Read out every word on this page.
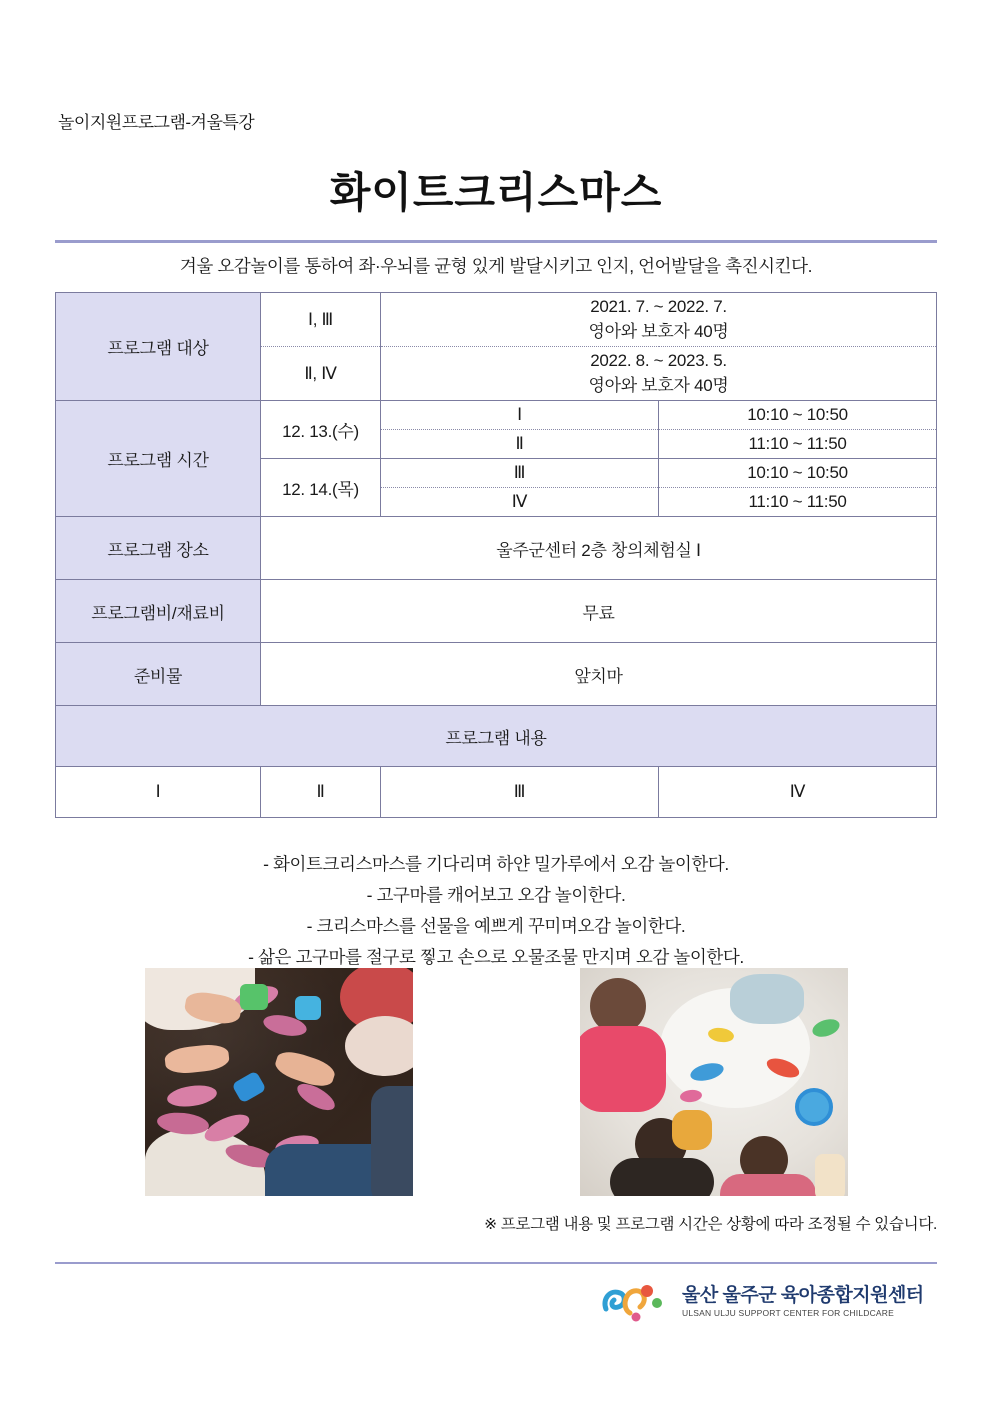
놀이지원프로그램-겨울특강
화이트크리스마스
겨울 오감놀이를 통하여 좌·우뇌를 균형 있게 발달시키고 인지, 언어발달을 촉진시킨다.
프로그램 대상	Ⅰ, Ⅲ	2021. 7. ~ 2022. 7.
영아와 보호자 40명	

	Ⅱ, Ⅳ	2022. 8. ~ 2023. 5.
영아와 보호자 40명	

프로그램 시간	12. 13.(수)	Ⅰ	10:10 ~ 10:50
		Ⅱ	11:10 ~ 11:50
	12. 14.(목)	Ⅲ	10:10 ~ 10:50
		Ⅳ	11:10 ~ 11:50
프로그램 장소	울주군센터 2층 창의체험실 Ⅰ		
프로그램비/재료비	무료		
준비물	앞치마		
프로그램 내용			
Ⅰ	Ⅱ	Ⅲ	Ⅳ
- 화이트크리스마스를 기다리며 하얀 밀가루에서 오감 놀이한다.
- 고구마를 캐어보고 오감 놀이한다.
- 크리스마스를 선물을 예쁘게 꾸미며오감 놀이한다.
- 삶은 고구마를 절구로 찧고 손으로 오물조물 만지며 오감 놀이한다.
※ 프로그램 내용 및 프로그램 시간은 상황에 따라 조정될 수 있습니다.
울산 울주군 육아종합지원센터
ULSAN ULJU SUPPORT CENTER FOR CHILDCARE
